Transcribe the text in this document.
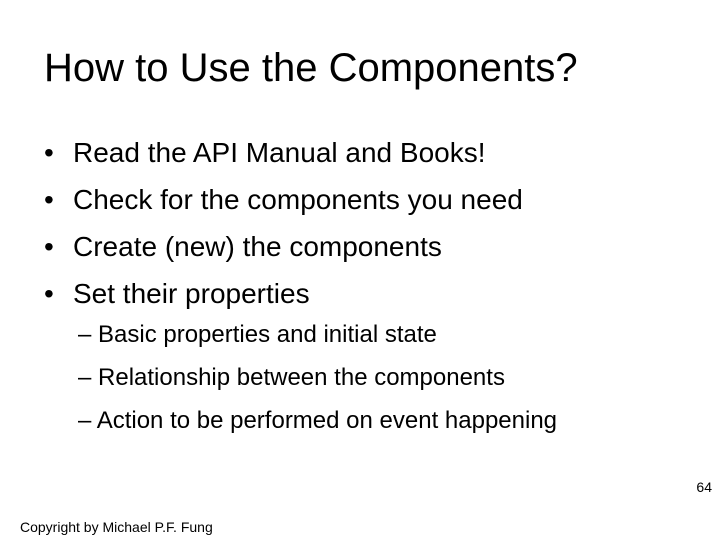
How to Use the Components?
• Read the API Manual and Books!
• Check for the components you need
• Create (new) the components
• Set their properties
– Basic properties and initial state
– Relationship between the components
– Action to be performed on event happening
Copyright by Michael P.F. Fung
64
